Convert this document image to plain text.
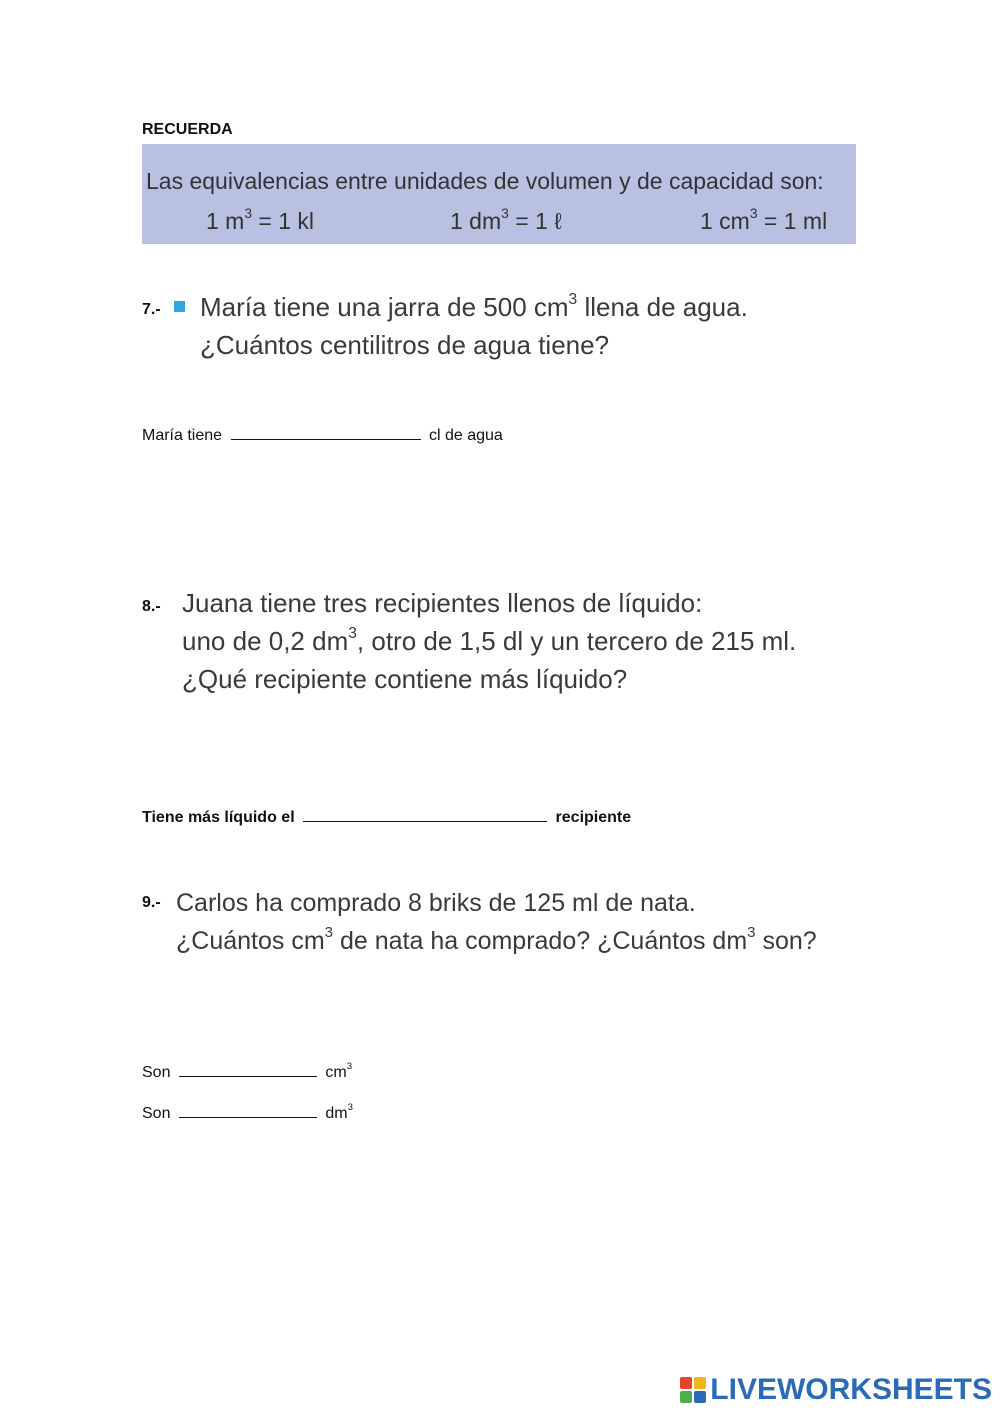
RECUERDA
Las equivalencias entre unidades de volumen y de capacidad son:
1 $m^3 = 1$ kl	1 $dm^3 = 1$ ℓ	1 $cm^3 = 1$ ml
7.- María tiene una jarra de 500 $cm^3$ llena de agua.
¿Cuántos centilitros de agua tiene?
María tiene	cl de agua
8.- Juana tiene tres recipientes llenos de líquido:
uno de 0,2 $dm^3$, otro de 1,5 dl y un tercero de 215 ml.
¿Qué recipiente contiene más líquido?
Tiene más líquido el	recipiente
9.- Carlos ha comprado 8 briks de 125 ml de nata.
¿Cuántos $cm^3$ de nata ha comprado? ¿Cuántos $dm^3$ son?
Son	$cm^3$
Son	$dm^3$
LIVEWORKSHEETS
